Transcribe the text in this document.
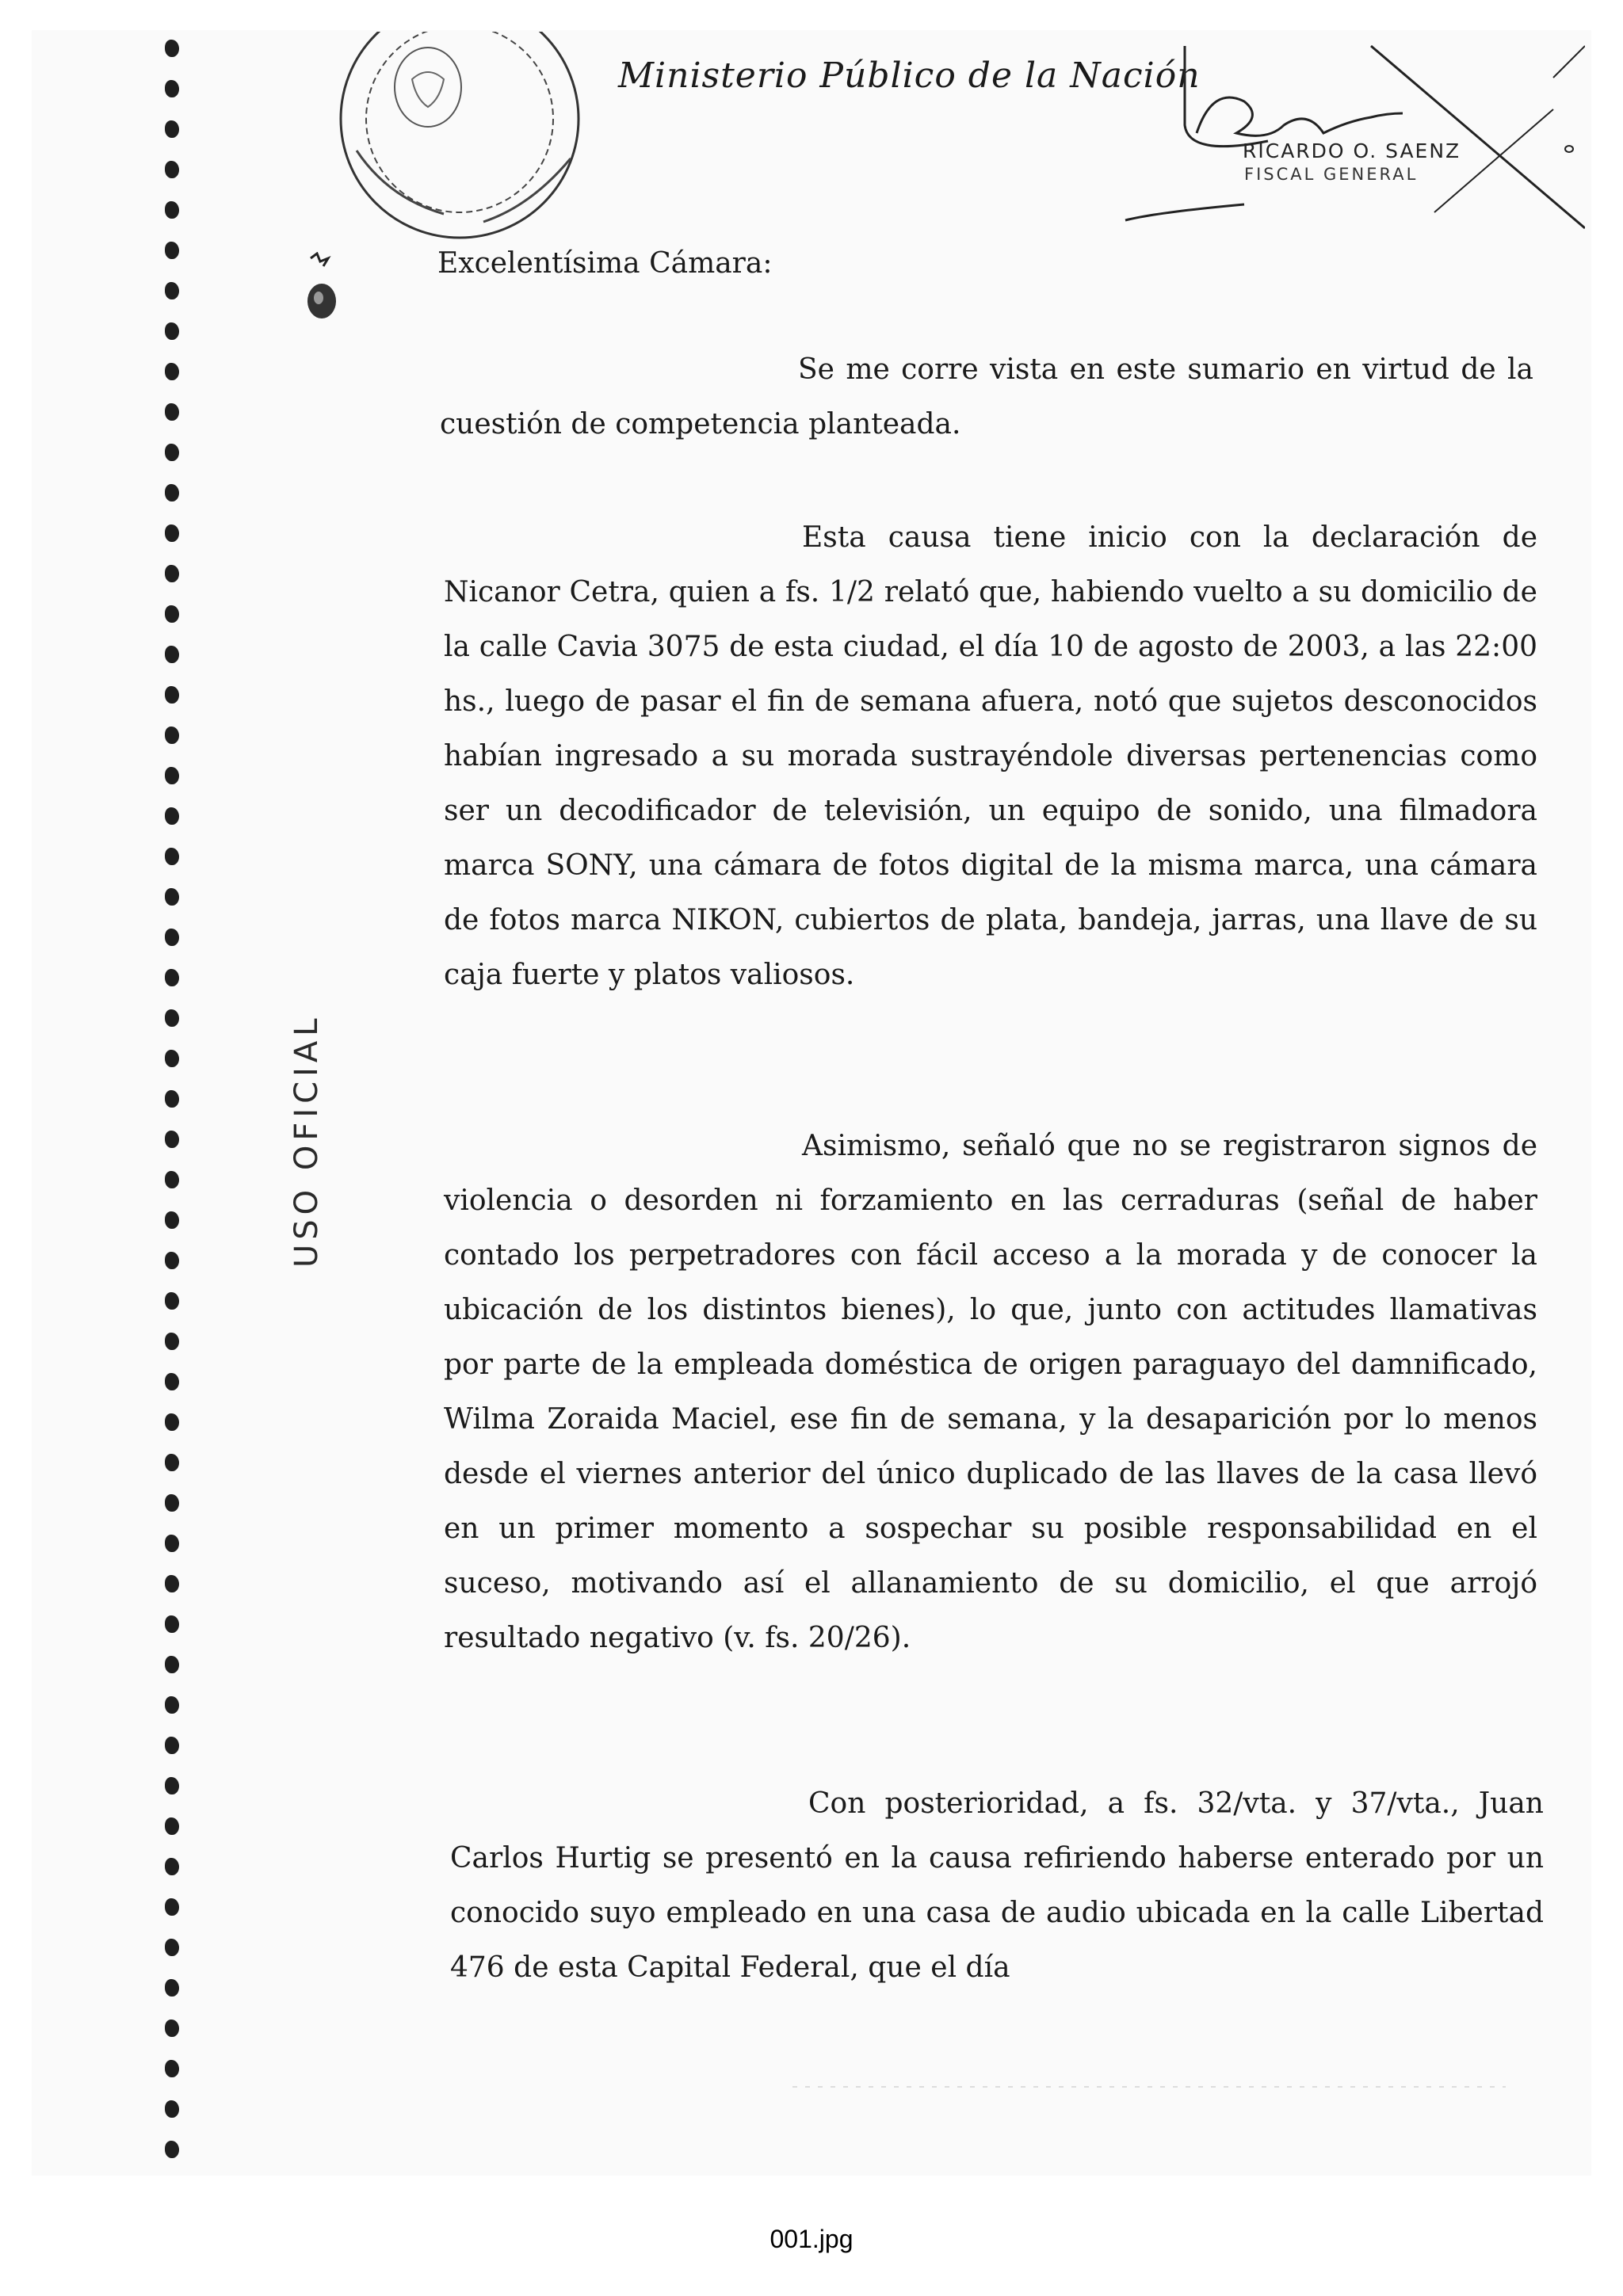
Ministerio Público de la Nación
RICARDO O. SAENZ
FISCAL GENERAL
USO OFICIAL
Excelentísima Cámara:
Se me corre vista en este sumario en virtud de la cuestión de competencia planteada.
Esta causa tiene inicio con la declaración de Nicanor Cetra, quien a fs. 1/2 relató que, habiendo vuelto a su domicilio de la calle Cavia 3075 de esta ciudad, el día 10 de agosto de 2003, a las 22:00 hs., luego de pasar el fin de semana afuera, notó que sujetos desconocidos habían ingresado a su morada sustrayéndole diversas pertenencias como ser un decodificador de televisión, un equipo de sonido, una filmadora marca SONY, una cámara de fotos digital de la misma marca, una cámara de fotos marca NIKON, cubiertos de plata, bandeja, jarras, una llave de su caja fuerte y platos valiosos.
Asimismo, señaló que no se registraron signos de violencia o desorden ni forzamiento en las cerraduras (señal de haber contado los perpetradores con fácil acceso a la morada y de conocer la ubicación de los distintos bienes), lo que, junto con actitudes llamativas por parte de la empleada doméstica de origen paraguayo del damnificado, Wilma Zoraida Maciel, ese fin de semana, y la desaparición por lo menos desde el viernes anterior del único duplicado de las llaves de la casa llevó en un primer momento a sospechar su posible responsabilidad en el suceso, motivando así el allanamiento de su domicilio, el que arrojó resultado negativo (v. fs. 20/26).
Con posterioridad, a fs. 32/vta. y 37/vta., Juan Carlos Hurtig se presentó en la causa refiriendo haberse enterado por un conocido suyo empleado en una casa de audio ubicada en la calle Libertad 476 de esta Capital Federal, que el día
001.jpg
